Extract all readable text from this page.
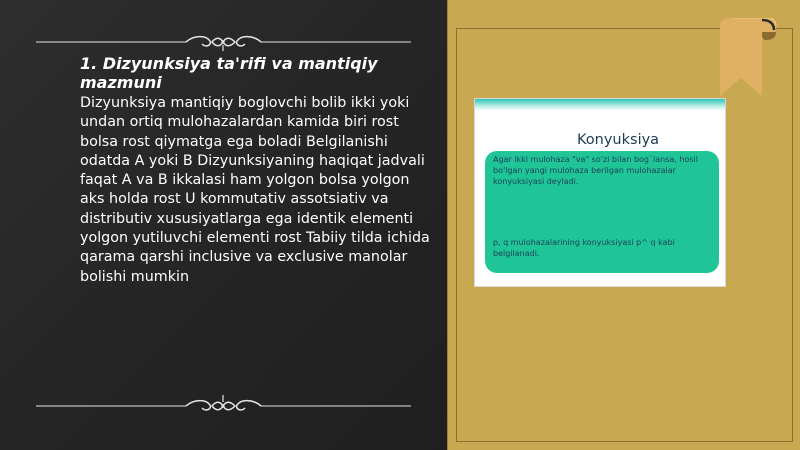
1. Dizyunksiya ta'rifi va mantiqiy mazmuni
Dizyunksiya mantiqiy boglovchi bolib ikki yoki undan ortiq mulohazalardan kamida biri rost bolsa rost qiymatga ega boladi Belgilanishi odatda A yoki B Dizyunksiyaning haqiqat jadvali faqat A va B ikkalasi ham yolgon bolsa yolgon aks holda rost U kommutativ assotsiativ va distributiv xususiyatlarga ega identik elementi yolgon yutiluvchi elementi rost Tabiiy tilda ichida qarama qarshi inclusive va exclusive manolar bolishi mumkin
Konyuksiya
Agar ikki mulohaza "va" so'zi bilan bog`lansa, hosil bo'lgan yangi mulohaza berilgan mulohazalar konyuksiyasi deyladi.
p, q mulohazalarining konyuksiyasi p^ q kabi belgilanadi.
